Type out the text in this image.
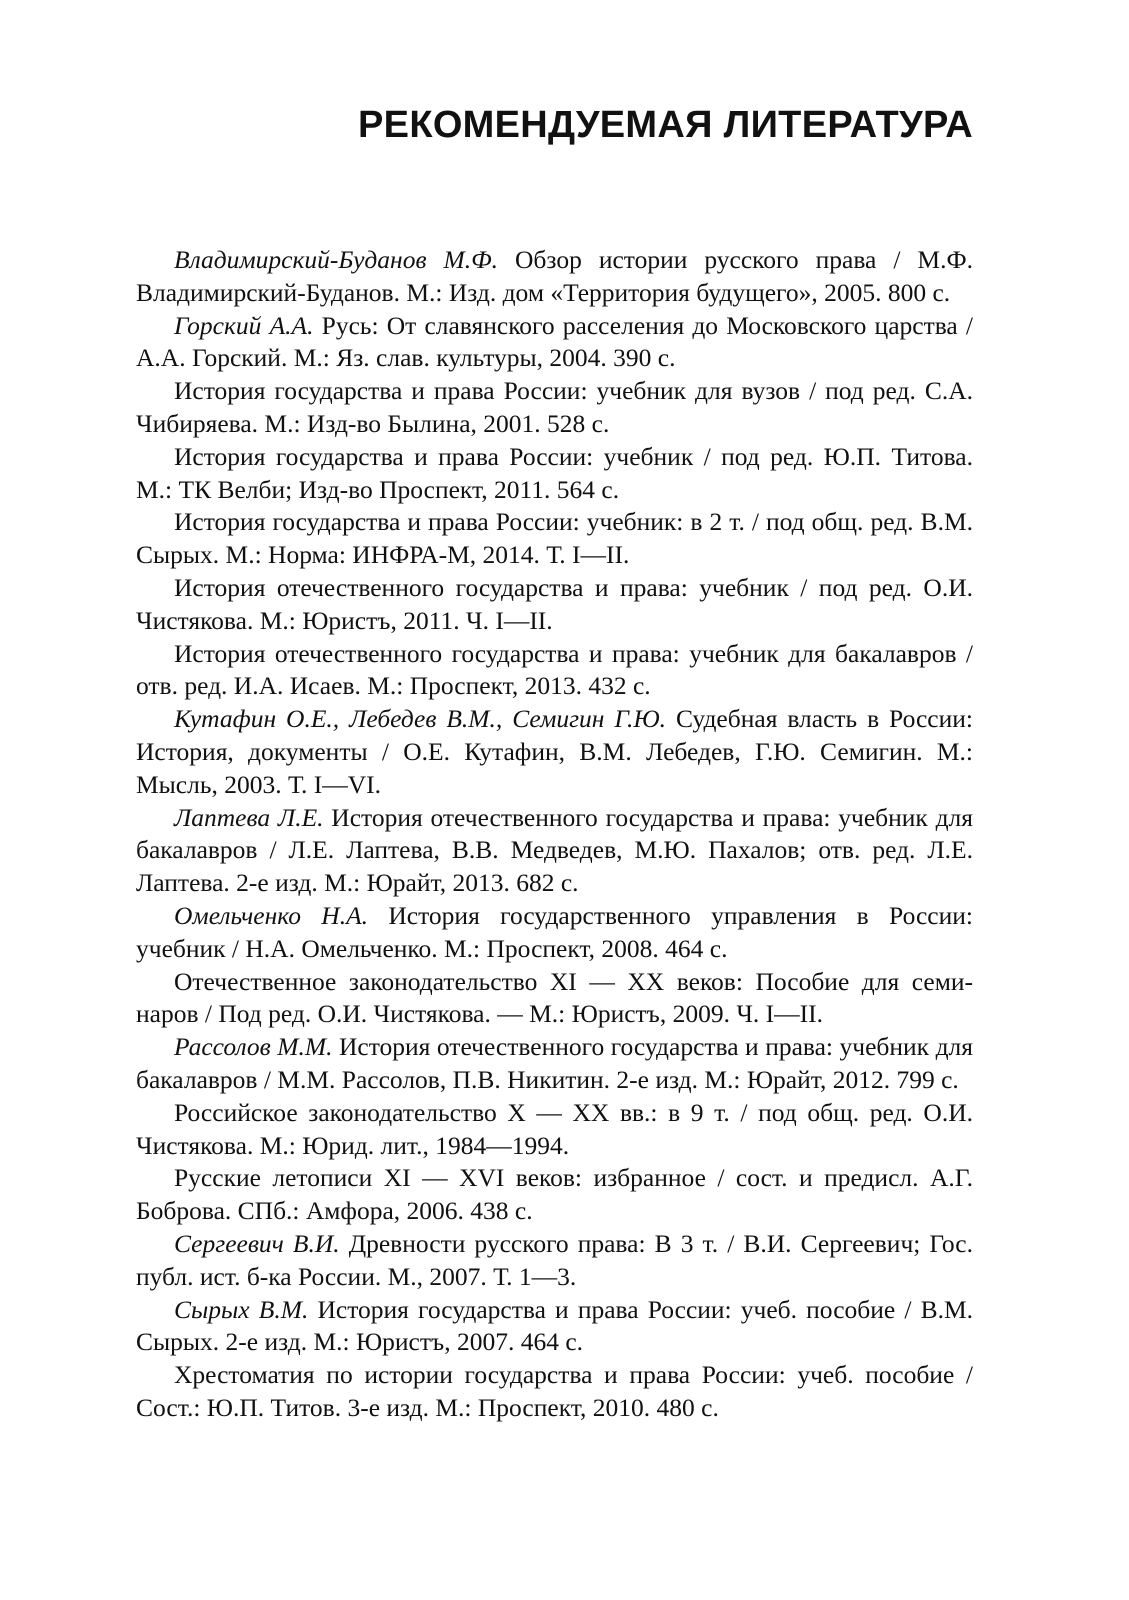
РЕКОМЕНДУЕМАЯ ЛИТЕРАТУРА
Владимирский-Буданов М.Ф. Обзор истории русского права / М.Ф. Владимирский-Буданов. М.: Изд. дом «Территория будущего», 2005. 800 с.
Горский А.А. Русь: От славянского расселения до Московского царства / А.А. Горский. М.: Яз. слав. культуры, 2004. 390 с.
История государства и права России: учебник для вузов / под ред. С.А. Чибиряева. М.: Изд-во Былина, 2001. 528 с.
История государства и права России: учебник / под ред. Ю.П. Титова. М.: ТК Велби; Изд-во Проспект, 2011. 564 с.
История государства и права России: учебник: в 2 т. / под общ. ред. В.М. Сырых. М.: Норма: ИНФРА-М, 2014. Т. I—II.
История отечественного государства и права: учебник / под ред. О.И. Чистякова. М.: Юристъ, 2011. Ч. I—II.
История отечественного государства и права: учебник для бакалавров / отв. ред. И.А. Исаев. М.: Проспект, 2013. 432 с.
Кутафин О.Е., Лебедев В.М., Семигин Г.Ю. Судебная власть в России: История, документы / О.Е. Кутафин, В.М. Лебедев, Г.Ю. Семигин. М.: Мысль, 2003. Т. I—VI.
Лаптева Л.Е. История отечественного государства и права: учебник для бакалавров / Л.Е. Лаптева, В.В. Медведев, М.Ю. Пахалов; отв. ред. Л.Е. Лаптева. 2-е изд. М.: Юрайт, 2013. 682 с.
Омельченко Н.А. История государственного управления в России: учебник / Н.А. Омельченко. М.: Проспект, 2008. 464 с.
Отечественное законодательство XI — XX веков: Пособие для семинаров / Под ред. О.И. Чистякова. — М.: Юристъ, 2009. Ч. I—II.
Рассолов М.М. История отечественного государства и права: учебник для бакалавров / М.М. Рассолов, П.В. Никитин. 2-е изд. М.: Юрайт, 2012. 799 с.
Российское законодательство X — XX вв.: в 9 т. / под общ. ред. О.И. Чистякова. М.: Юрид. лит., 1984—1994.
Русские летописи XI — XVI веков: избранное / сост. и предисл. А.Г. Боброва. СПб.: Амфора, 2006. 438 с.
Сергеевич В.И. Древности русского права: В 3 т. / В.И. Сергеевич; Гос. публ. ист. б-ка России. М., 2007. Т. 1—3.
Сырых В.М. История государства и права России: учеб. пособие / В.М. Сырых. 2-е изд. М.: Юристъ, 2007. 464 с.
Хрестоматия по истории государства и права России: учеб. пособие / Сост.: Ю.П. Титов. 3-е изд. М.: Проспект, 2010. 480 с.
